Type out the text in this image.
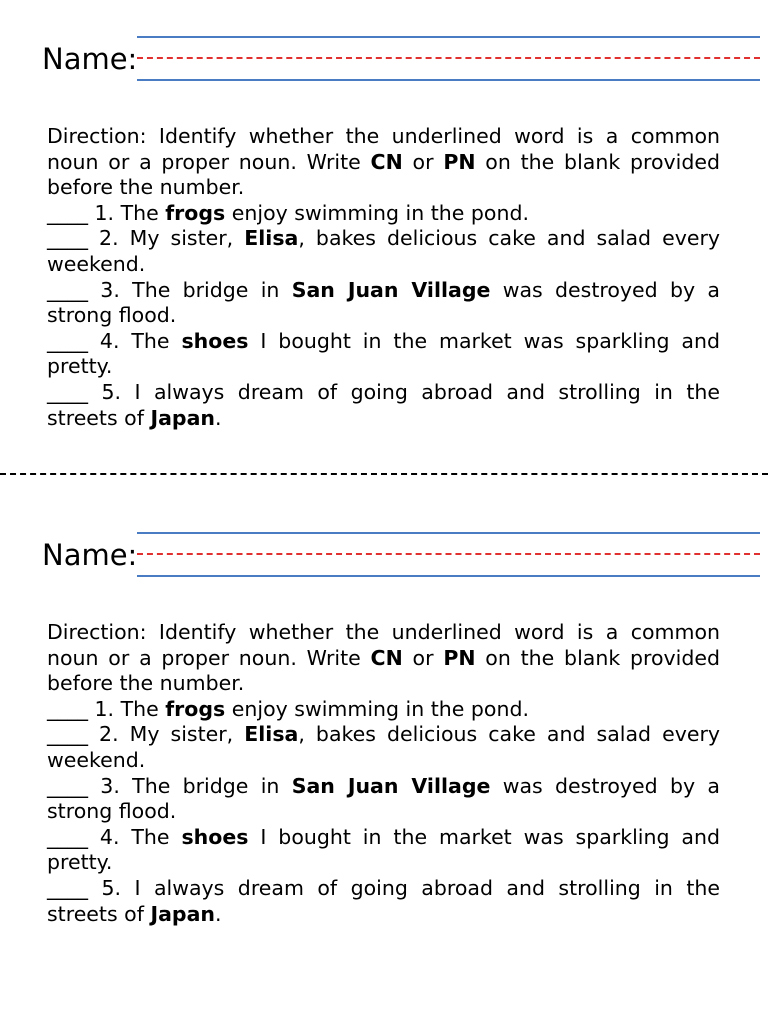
Name:

Direction: Identify whether the underlined word is a common noun or a proper noun. Write CN or PN on the blank provided before the number.

____ 1. The frogs enjoy swimming in the pond.

____ 2. My sister, Elisa, bakes delicious cake and salad every weekend.

____ 3. The bridge in San Juan Village was destroyed by a strong flood.

____ 4. The shoes I bought in the market was sparkling and pretty.

____ 5. I always dream of going abroad and strolling in the streets of Japan.

Name:

Direction: Identify whether the underlined word is a common noun or a proper noun. Write CN or PN on the blank provided before the number.

____ 1. The frogs enjoy swimming in the pond.

____ 2. My sister, Elisa, bakes delicious cake and salad every weekend.

____ 3. The bridge in San Juan Village was destroyed by a strong flood.

____ 4. The shoes I bought in the market was sparkling and pretty.

____ 5. I always dream of going abroad and strolling in the streets of Japan.
